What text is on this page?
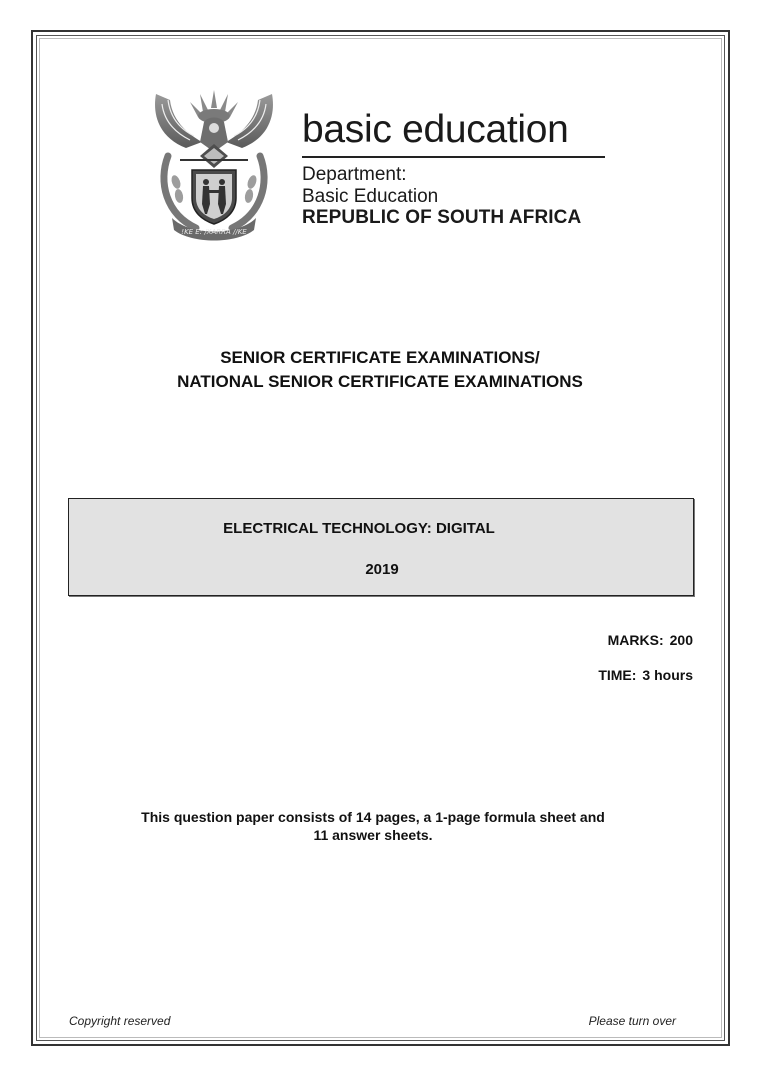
!KE E: /XARRA //KE
basic education
Department:
Basic Education
REPUBLIC OF SOUTH AFRICA
SENIOR CERTIFICATE EXAMINATIONS/
NATIONAL SENIOR CERTIFICATE EXAMINATIONS
ELECTRICAL TECHNOLOGY: DIGITAL
2019
MARKS: 200
TIME: 3 hours
This question paper consists of 14 pages, a 1-page formula sheet and
11 answer sheets.
Copyright reserved	Please turn over
